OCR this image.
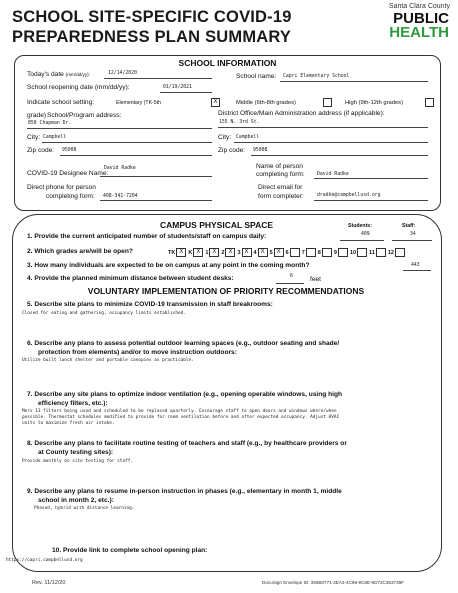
SCHOOL SITE-SPECIFIC COVID-19
PREPAREDNESS PLAN SUMMARY
Santa Clara County
PUBLIC
HEALTH
SCHOOL INFORMATION
Today's date (mm/dd/yy):	12/14/2020	School name: Capri Elementary School
School reopening date (mm/dd/yy):	01/19/2021
Indicate school setting:	Elementary (TK-5th	X	Middle (6th-8th grades)	High (9th-12th grades)
grade) School/Program address:
850 Chapman Dr.
District Office/Main Administration address (if applicable):
155 N. 3rd St.
City: Campbell
Zip code: 95008
City: Campbell
Zip code: 95008
COVID-19 Designee Name:
David Radke	Name of person
completing form:	David Radke
Direct phone for person
completing form: 408-341-7204
Direct email for
form completer:	dradke@campbellusd.org
CAMPUS PHYSICAL SPACE	Students:	Staff:
1. Provide the current anticipated number of students/staff on campus daily:	409	34
2. Which grades are/will be open?	TK X K X 1 X 2 X 3 X 4 X 5 X 6 7 8 9 10 11 12
3. How many individuals are expected to be on campus at any point in the coming month?	443
4. Provide the planned minimum distance between student desks:	6	feet
VOLUNTARY IMPLEMENTATION OF PRIORITY RECOMMENDATIONS
5. Describe site plans to minimize COVID-19 transmission in staff breakrooms:
Closed for eating and gathering, occupancy limits established.
6. Describe any plans to assess potential outdoor learning spaces (e.g., outdoor seating and shade/
protection from elements) and/or to move instruction outdoors:
Utilize built lunch shelter and portable canopies as practicable.
7. Describe any site plans to optimize indoor ventilation (e.g., opening operable windows, using high
efficiency filters, etc.):
Merv 13 filters being used and scheduled to be replaced quarterly. Encourage staff to open doors and windows where/when
possible. Thermostat schedules modified to provide for room ventilation before and after expected occupancy. Adjust HVAC
units to maximize fresh air intake.
8. Describe any plans to facilitate routine testing of teachers and staff (e.g., by healthcare providers or
at County testing sites):
Provide monthly on site testing for staff.
9. Describe any plans to resume in-person instruction in phases (e.g., elementary in month 1, middle
school in month 2, etc.):
Phased, hybrid with distance learning.
10. Provide link to complete school opening plan:
https://capri.campbellusd.org
Rev. 11/12/20	DocuSign Envelope ID: 355B0771-4EA3-4C95-9C8E-9D72C353739F
